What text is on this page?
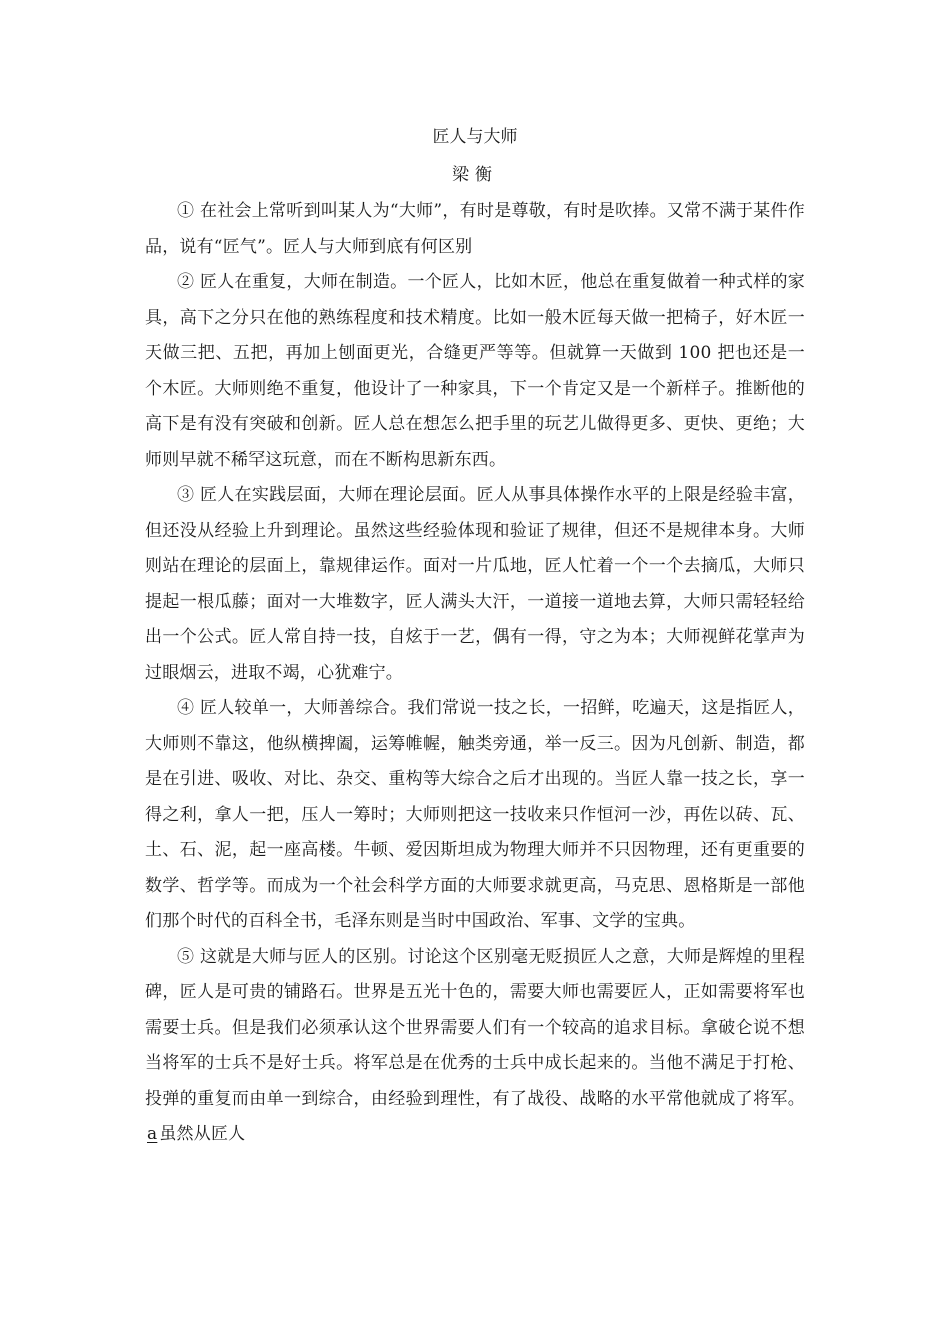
匠人与大师
梁衡

① 在社会上常听到叫某人为“大师”，有时是尊敬，有时是吹捧。又常不满于某件作品，说有“匠气”。匠人与大师到底有何区别

② 匠人在重复，大师在制造。一个匠人，比如木匠，他总在重复做着一种式样的家具，高下之分只在他的熟练程度和技术精度。比如一般木匠每天做一把椅子，好木匠一天做三把、五把，再加上刨面更光，合缝更严等等。但就算一天做到 100 把也还是一个木匠。大师则绝不重复，他设计了一种家具，下一个肯定又是一个新样子。推断他的高下是有没有突破和创新。匠人总在想怎么把手里的玩艺儿做得更多、更快、更绝；大师则早就不稀罕这玩意，而在不断构思新东西。

③ 匠人在实践层面，大师在理论层面。匠人从事具体操作水平的上限是经验丰富，但还没从经验上升到理论。虽然这些经验体现和验证了规律，但还不是规律本身。大师则站在理论的层面上，靠规律运作。面对一片瓜地，匠人忙着一个一个去摘瓜，大师只提起一根瓜藤；面对一大堆数字，匠人满头大汗，一道接一道地去算，大师只需轻轻给出一个公式。匠人常自持一技，自炫于一艺，偶有一得，守之为本；大师视鲜花掌声为过眼烟云，进取不竭，心犹难宁。

④ 匠人较单一，大师善综合。我们常说一技之长，一招鲜，吃遍天，这是指匠人，大师则不靠这，他纵横捭阖，运筹帷幄，触类旁通，举一反三。因为凡创新、制造，都是在引进、吸收、对比、杂交、重构等大综合之后才出现的。当匠人靠一技之长，享一得之利，拿人一把，压人一筹时；大师则把这一技收来只作恒河一沙，再佐以砖、瓦、土、石、泥，起一座高楼。牛顿、爱因斯坦成为物理大师并不只因物理，还有更重要的数学、哲学等。而成为一个社会科学方面的大师要求就更高，马克思、恩格斯是一部他们那个时代的百科全书，毛泽东则是当时中国政治、军事、文学的宝典。

⑤ 这就是大师与匠人的区别。讨论这个区别毫无贬损匠人之意，大师是辉煌的里程碑，匠人是可贵的铺路石。世界是五光十色的，需要大师也需要匠人，正如需要将军也需要士兵。但是我们必须承认这个世界需要人们有一个较高的追求目标。拿破仑说不想当将军的士兵不是好士兵。将军总是在优秀的士兵中成长起来的。当他不满足于打枪、投弹的重复而由单一到综合，由经验到理性，有了战役、战略的水平常他就成了将军。a 虽然从匠人
